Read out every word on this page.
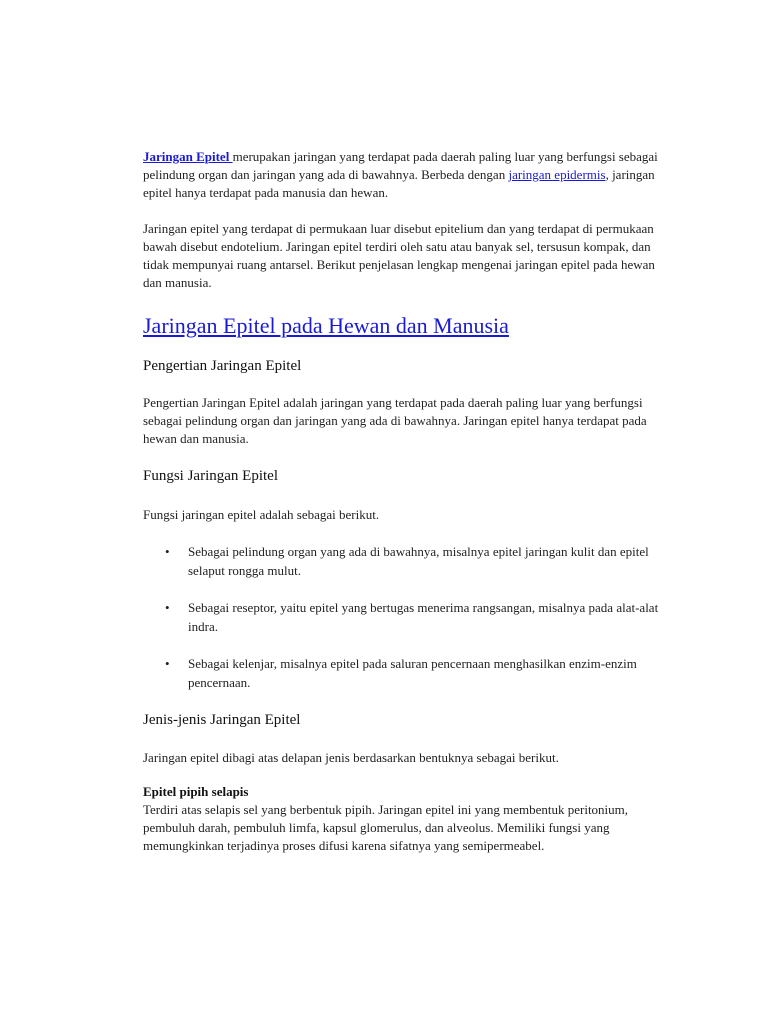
Jaringan Epitel merupakan jaringan yang terdapat pada daerah paling luar yang berfungsi sebagai pelindung organ dan jaringan yang ada di bawahnya. Berbeda dengan jaringan epidermis, jaringan epitel hanya terdapat pada manusia dan hewan.

Jaringan epitel yang terdapat di permukaan luar disebut epitelium dan yang terdapat di permukaan bawah disebut endotelium. Jaringan epitel terdiri oleh satu atau banyak sel, tersusun kompak, dan tidak mempunyai ruang antarsel. Berikut penjelasan lengkap mengenai jaringan epitel pada hewan dan manusia.

Jaringan Epitel pada Hewan dan Manusia
Pengertian Jaringan Epitel

Pengertian Jaringan Epitel adalah jaringan yang terdapat pada daerah paling luar yang berfungsi sebagai pelindung organ dan jaringan yang ada di bawahnya. Jaringan epitel hanya terdapat pada hewan dan manusia.

Fungsi Jaringan Epitel

Fungsi jaringan epitel adalah sebagai berikut.

• Sebagai pelindung organ yang ada di bawahnya, misalnya epitel jaringan kulit dan epitel selaput rongga mulut.
• Sebagai reseptor, yaitu epitel yang bertugas menerima rangsangan, misalnya pada alat-alat indra.
• Sebagai kelenjar, misalnya epitel pada saluran pencernaan menghasilkan enzim-enzim pencernaan.
Jenis-jenis Jaringan Epitel

Jaringan epitel dibagi atas delapan jenis berdasarkan bentuknya sebagai berikut.

Epitel pipih selapis

Terdiri atas selapis sel yang berbentuk pipih. Jaringan epitel ini yang membentuk peritonium, pembuluh darah, pembuluh limfa, kapsul glomerulus, dan alveolus. Memiliki fungsi yang memungkinkan terjadinya proses difusi karena sifatnya yang semipermeabel.
